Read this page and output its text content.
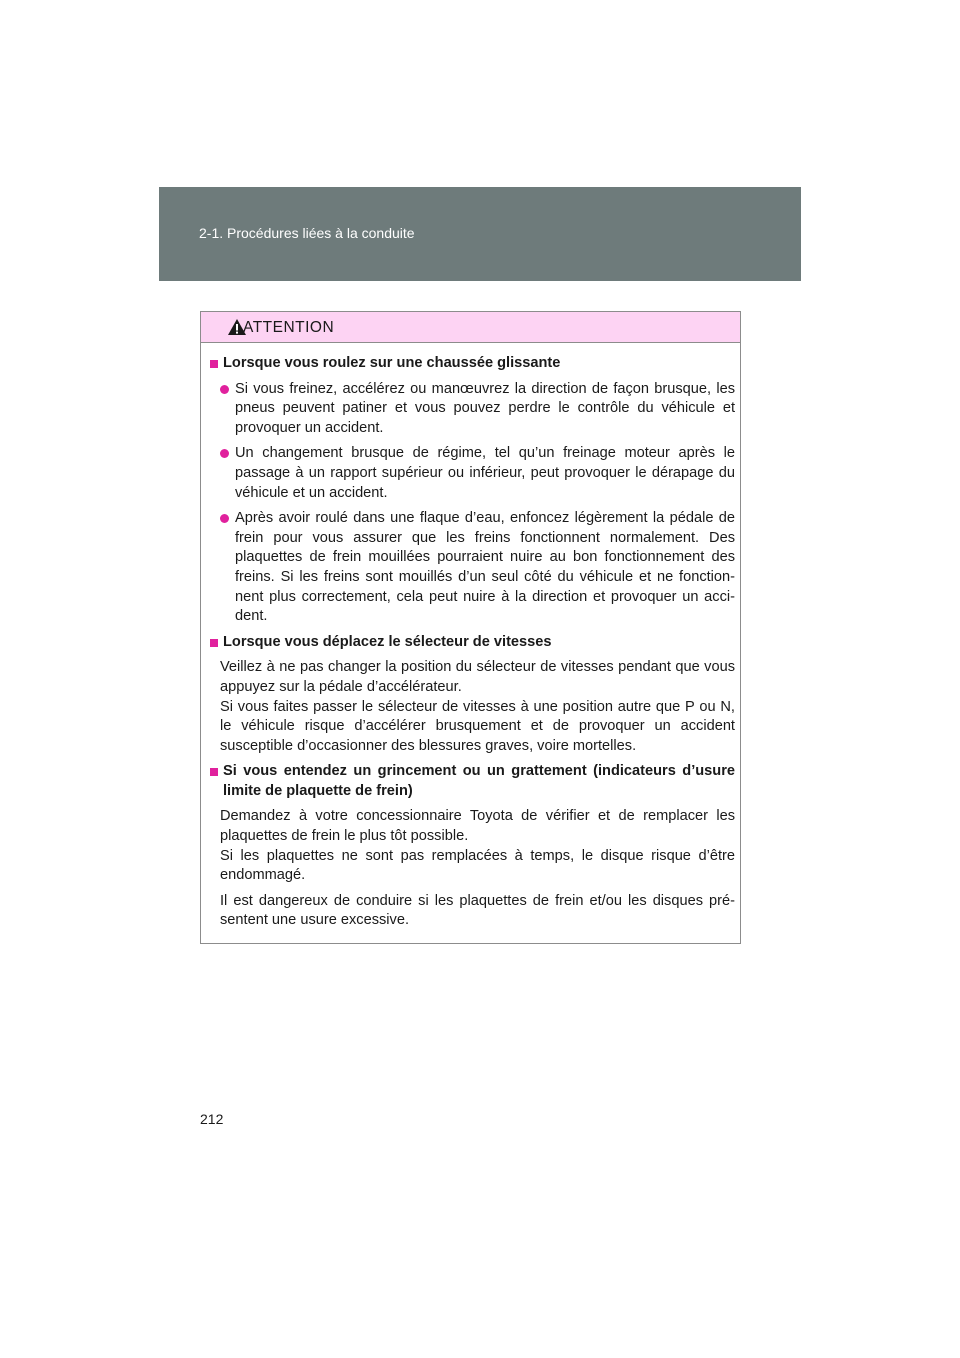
2-1. Procédures liées à la conduite
ATTENTION
Lorsque vous roulez sur une chaussée glissante
Si vous freinez, accélérez ou manœuvrez la direction de façon brusque, les pneus peuvent patiner et vous pouvez perdre le contrôle du véhicule et provoquer un accident.
Un changement brusque de régime, tel qu’un freinage moteur après le passage à un rapport supérieur ou inférieur, peut provoquer le dérapage du véhicule et un accident.
Après avoir roulé dans une flaque d’eau, enfoncez légèrement la pédale de frein pour vous assurer que les freins fonctionnent normalement. Des plaquettes de frein mouillées pourraient nuire au bon fonctionnement des freins. Si les freins sont mouillés d’un seul côté du véhicule et ne fonction-nent plus correctement, cela peut nuire à la direction et provoquer un acci-dent.
Lorsque vous déplacez le sélecteur de vitesses
Veillez à ne pas changer la position du sélecteur de vitesses pendant que vous appuyez sur la pédale d’accélérateur.
Si vous faites passer le sélecteur de vitesses à une position autre que P ou N, le véhicule risque d’accélérer brusquement et de provoquer un accident susceptible d’occasionner des blessures graves, voire mortelles.
Si vous entendez un grincement ou un grattement (indicateurs d’usure limite de plaquette de frein)
Demandez à votre concessionnaire Toyota de vérifier et de remplacer les plaquettes de frein le plus tôt possible.
Si les plaquettes ne sont pas remplacées à temps, le disque risque d’être endommagé.
Il est dangereux de conduire si les plaquettes de frein et/ou les disques pré-sentent une usure excessive.
212
